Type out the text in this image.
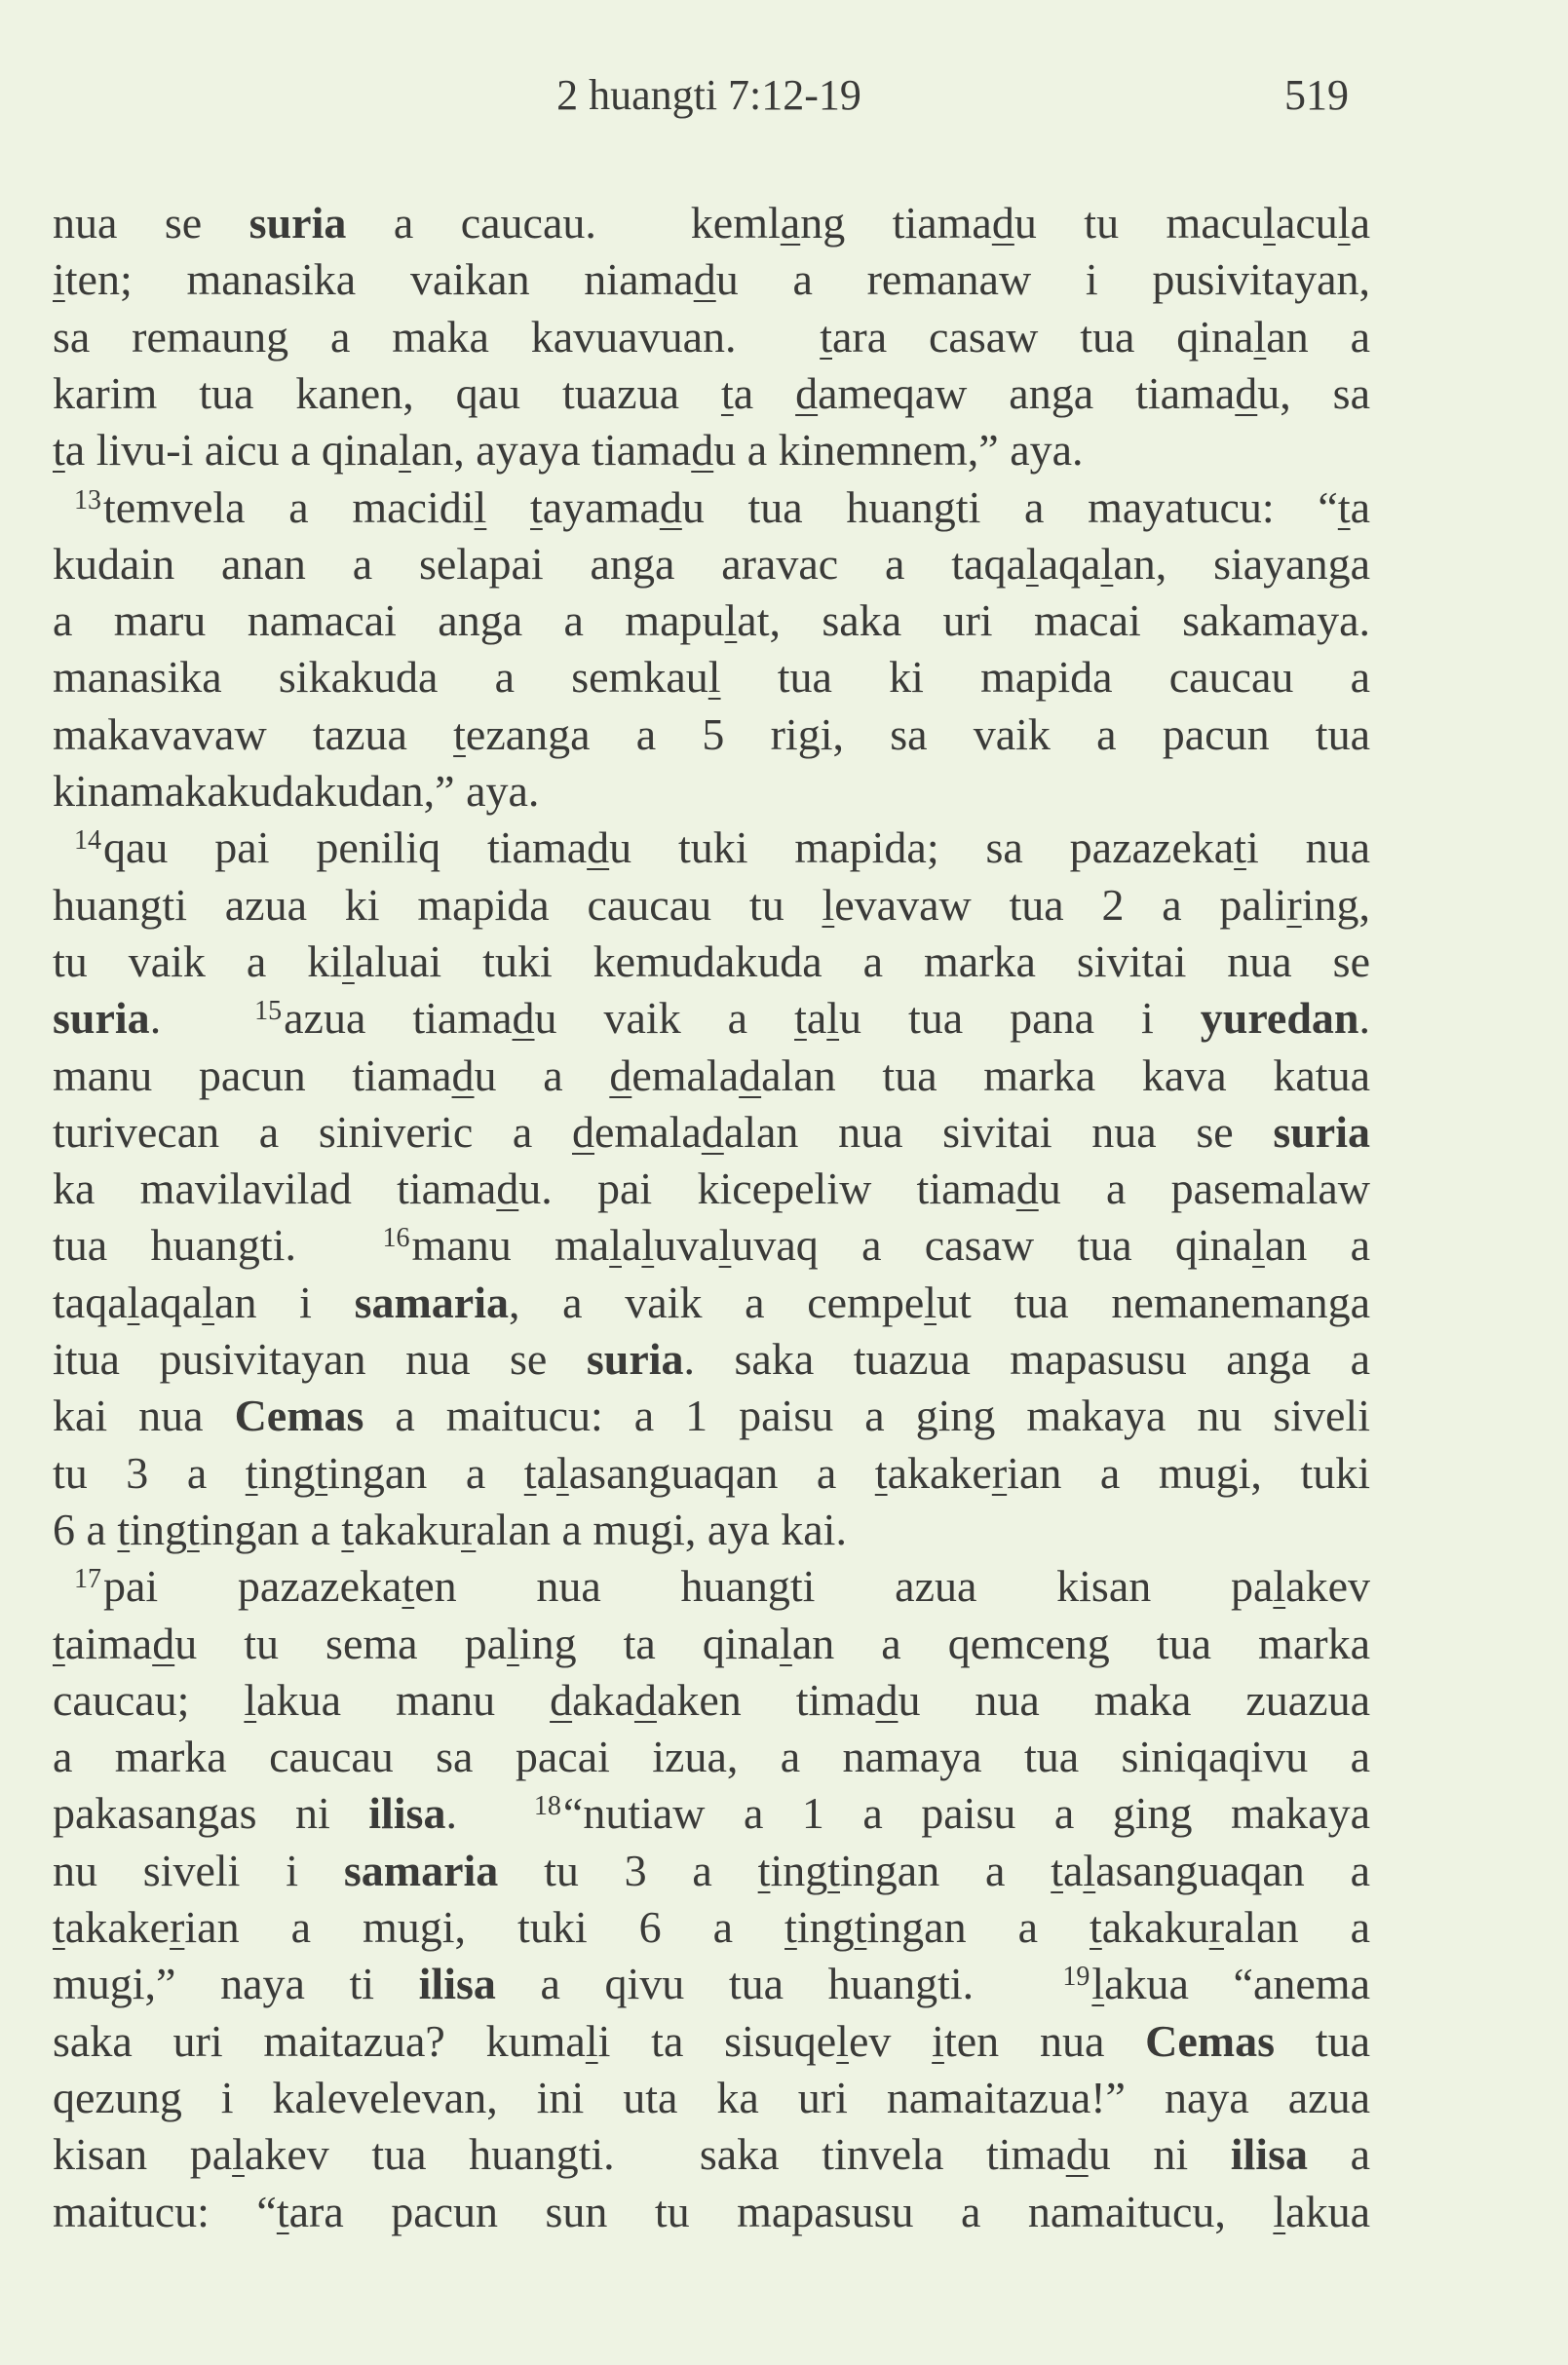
2 huangti 7:12-19	519
nua se suria a caucau.  kemlang tiamadu tu maculacula
iten; manasika vaikan niamadu a remanaw i pusivitayan,
sa remaung a maka kavuavuan.  tara casaw tua qinalan a
karim tua kanen, qau tuazua ta dameqaw anga tiamadu, sa
ta livu-i aicu a qinalan, ayaya tiamadu a kinemnem,” aya.
$^{13}$temvela a macidil tayamadu tua huangti a mayatucu: “ta
kudain anan a selapai anga aravac a taqalaqalan, siayanga
a maru namacai anga a mapulat, saka uri macai sakamaya.
manasika sikakuda a semkaul tua ki mapida caucau a
makavavaw tazua tezanga a 5 rigi, sa vaik a pacun tua
kinamakakudakudan,” aya.
$^{14}$qau pai peniliq tiamadu tuki mapida; sa pazazekati nua
huangti azua ki mapida caucau tu levavaw tua 2 a paliring,
tu vaik a kilaluai tuki kemudakuda a marka sivitai nua se
suria.  $^{15}$azua tiamadu vaik a talu tua pana i yuredan.
manu pacun tiamadu a demaladalan tua marka kava katua
turivecan a siniveric a demaladalan nua sivitai nua se suria
ka mavilavilad tiamadu. pai kicepeliw tiamadu a pasemalaw
tua huangti.  $^{16}$manu malaluvaluvaq a casaw tua qinalan a
taqalaqalan i samaria, a vaik a cempelut tua nemanemanga
itua pusivitayan nua se suria. saka tuazua mapasusu anga a
kai nua Cemas a maitucu: a 1 paisu a ging makaya nu siveli
tu 3 a tingtingan a talasanguaqan a takakerian a mugi, tuki
6 a tingtingan a takakuralan a mugi, aya kai.
$^{17}$pai pazazekaten nua huangti azua kisan palakev
taimadu tu sema paling ta qinalan a qemceng tua marka
caucau; lakua manu dakadaken timadu nua maka zuazua
a marka caucau sa pacai izua, a namaya tua siniqaqivu a
pakasangas ni ilisa.  $^{18}$“nutiaw a 1 a paisu a ging makaya
nu siveli i samaria tu 3 a tingtingan a talasanguaqan a
takakerian a mugi, tuki 6 a tingtingan a takakuralan a
mugi,” naya ti ilisa a qivu tua huangti.  $^{19}$lakua “anema
saka uri maitazua? kumali ta sisuqelev iten nua Cemas tua
qezung i kalevelevan, ini uta ka uri namaitazua!” naya azua
kisan palakev tua huangti.  saka tinvela timadu ni ilisa a
maitucu: “tara pacun sun tu mapasusu a namaitucu, lakua
